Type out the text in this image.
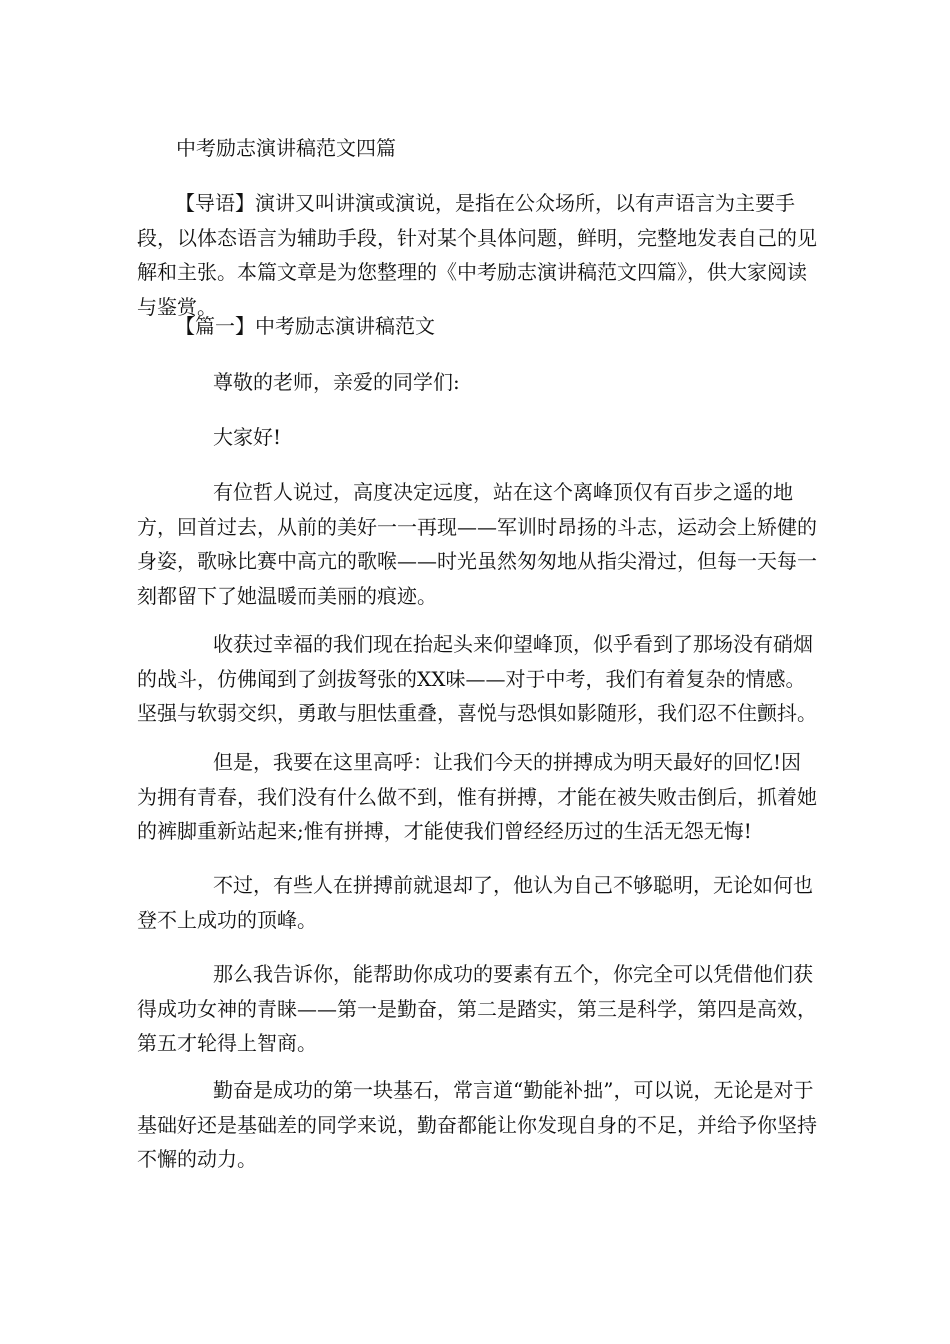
中考励志演讲稿范文四篇

【导语】演讲又叫讲演或演说，是指在公众场所，以有声语言为主要手段，以体态语言为辅助手段，针对某个具体问题，鲜明，完整地发表自己的见解和主张。本篇文章是为您整理的《中考励志演讲稿范文四篇》，供大家阅读与鉴赏。

【篇一】中考励志演讲稿范文

尊敬的老师，亲爱的同学们:

大家好!

有位哲人说过，高度决定远度，站在这个离峰顶仅有百步之遥的地方，回首过去，从前的美好一一再现——军训时昂扬的斗志，运动会上矫健的身姿，歌咏比赛中高亢的歌喉——时光虽然匆匆地从指尖滑过，但每一天每一刻都留下了她温暖而美丽的痕迹。

收获过幸福的我们现在抬起头来仰望峰顶，似乎看到了那场没有硝烟的战斗，仿佛闻到了剑拔弩张的XX味——对于中考，我们有着复杂的情感。坚强与软弱交织，勇敢与胆怯重叠，喜悦与恐惧如影随形，我们忍不住颤抖。

但是，我要在这里高呼：让我们今天的拼搏成为明天最好的回忆!因为拥有青春，我们没有什么做不到，惟有拼搏，才能在被失败击倒后，抓着她的裤脚重新站起来;惟有拼搏，才能使我们曾经经历过的生活无怨无悔!

不过，有些人在拼搏前就退却了，他认为自己不够聪明，无论如何也登不上成功的顶峰。

那么我告诉你，能帮助你成功的要素有五个，你完全可以凭借他们获得成功女神的青睐——第一是勤奋，第二是踏实，第三是科学，第四是高效，第五才轮得上智商。

勤奋是成功的第一块基石，常言道“勤能补拙”，可以说，无论是对于基础好还是基础差的同学来说，勤奋都能让你发现自身的不足，并给予你坚持不懈的动力。
